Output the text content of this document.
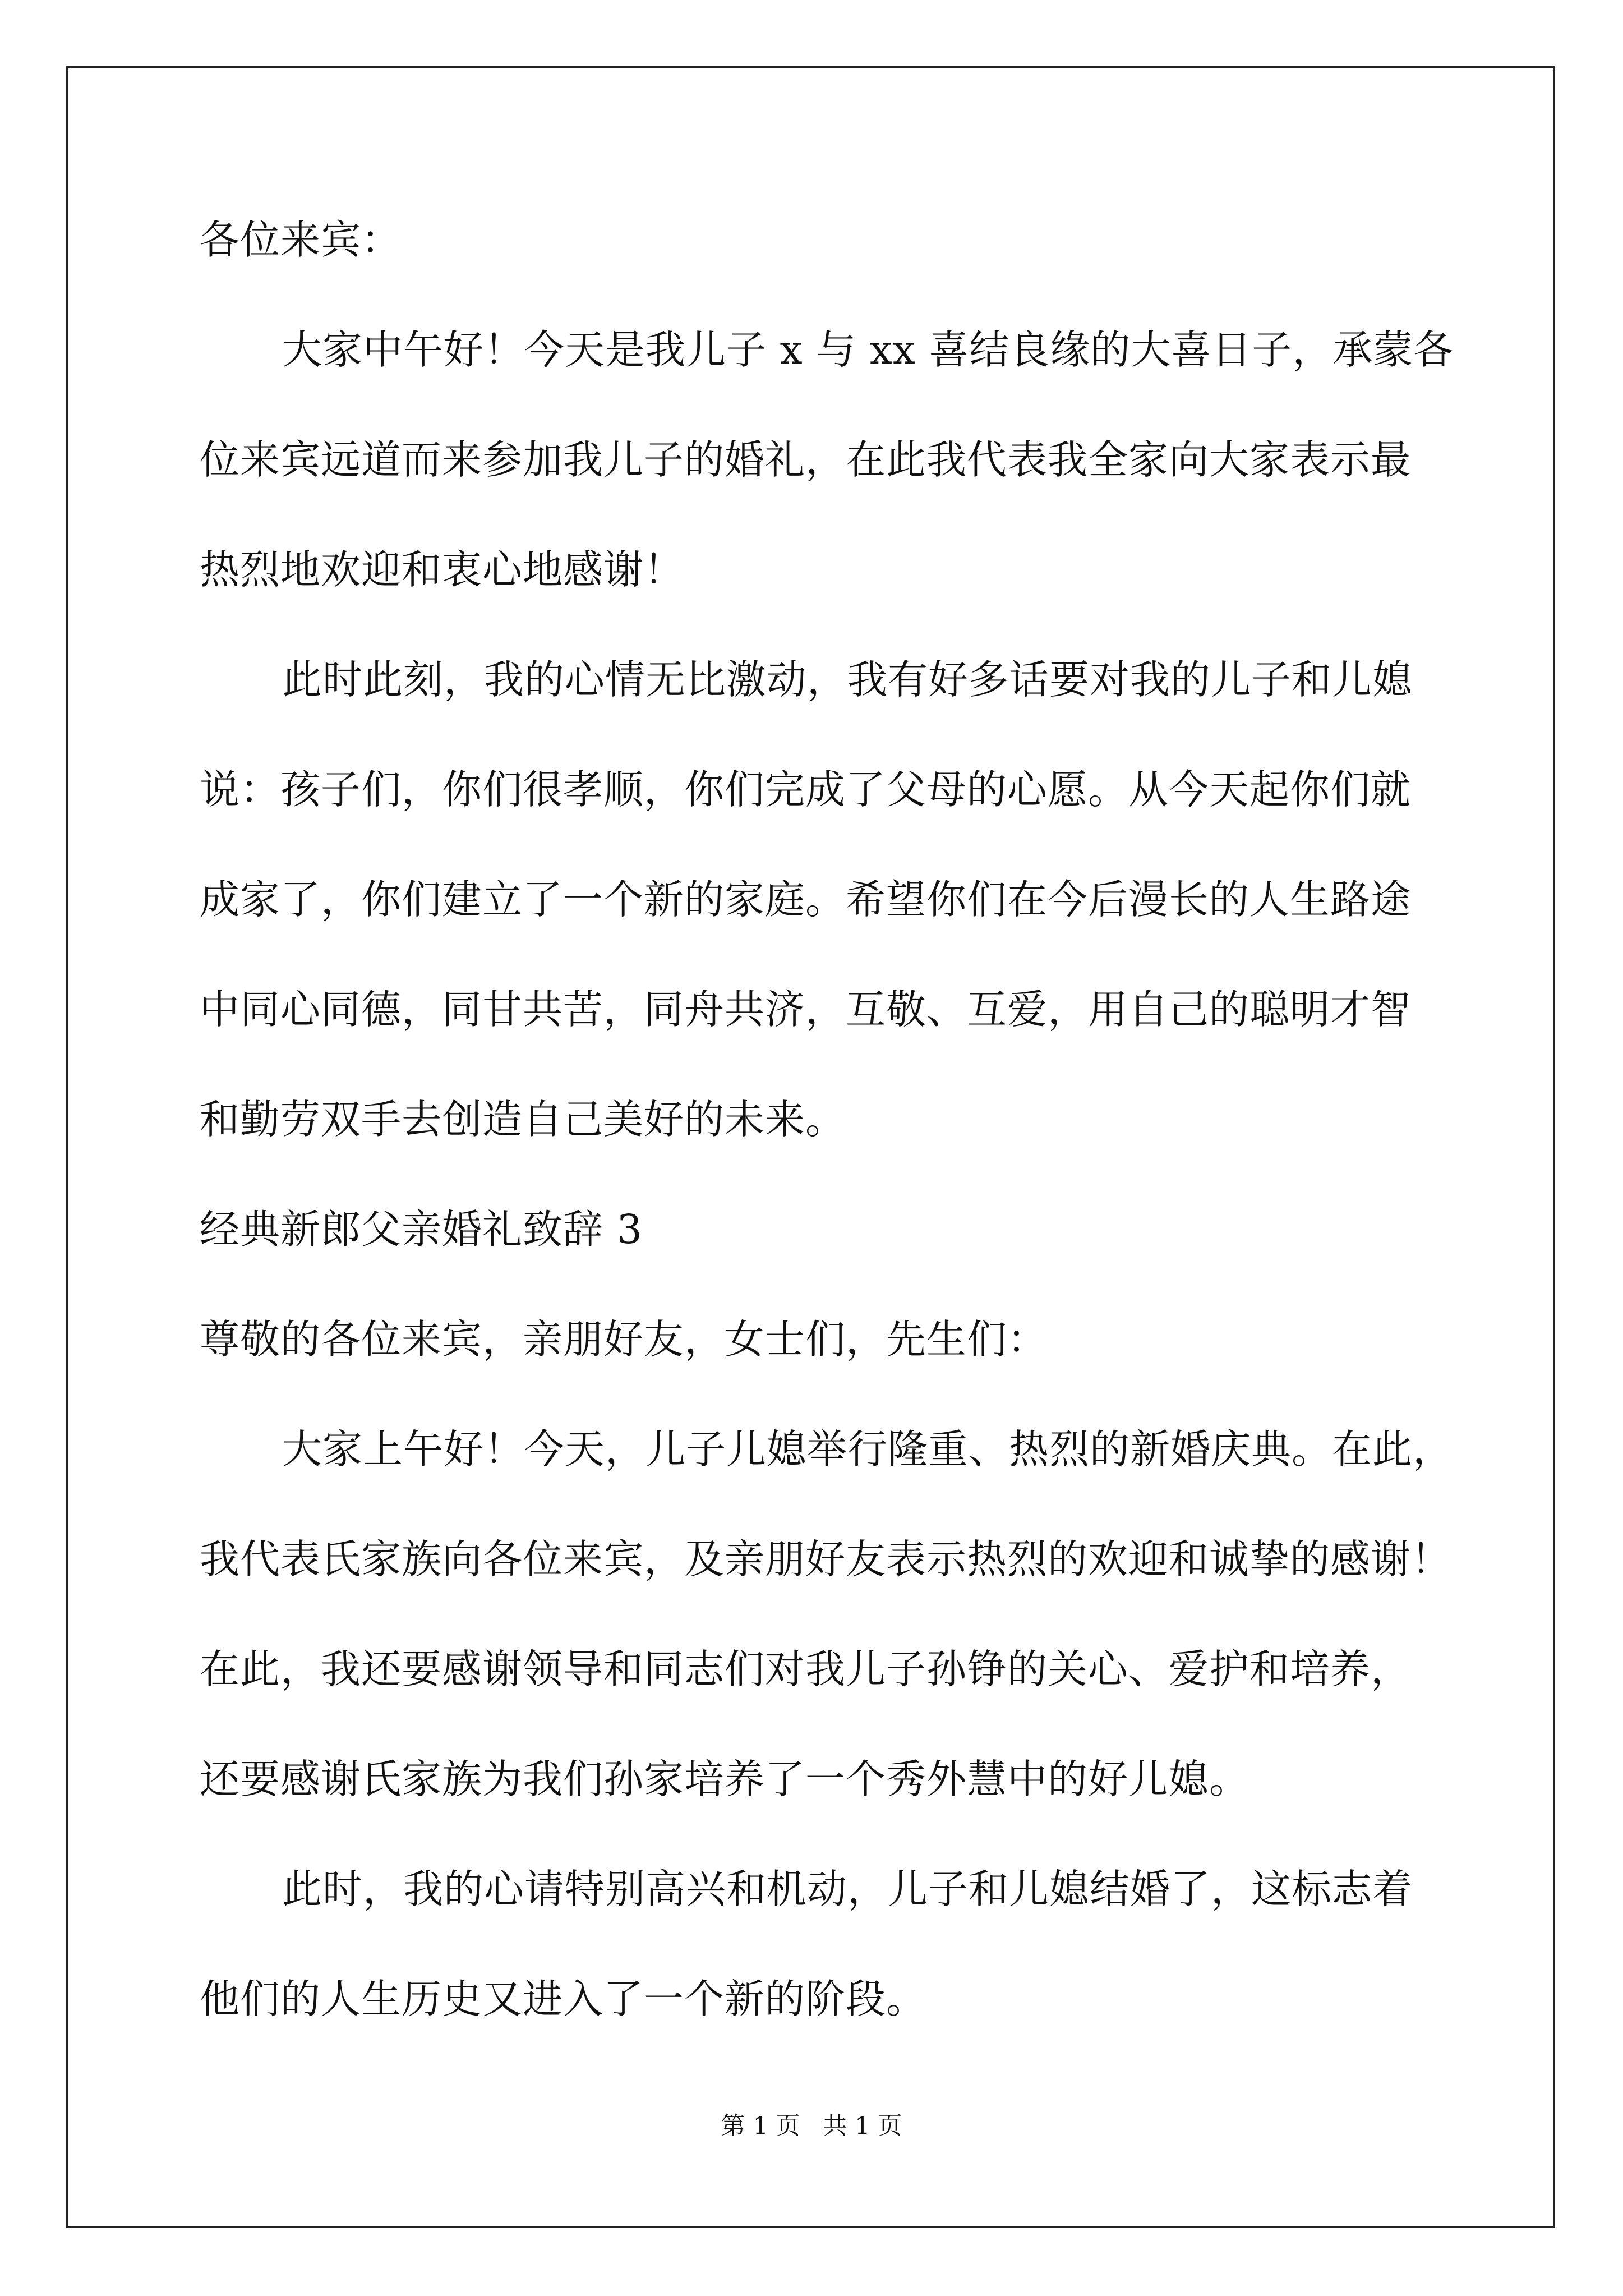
各位来宾：
大家中午好！今天是我儿子 x 与 xx 喜结良缘的大喜日子，承蒙各
位来宾远道而来参加我儿子的婚礼，在此我代表我全家向大家表示最
热烈地欢迎和衷心地感谢！
此时此刻，我的心情无比激动，我有好多话要对我的儿子和儿媳
说：孩子们，你们很孝顺，你们完成了父母的心愿。从今天起你们就
成家了，你们建立了一个新的家庭。希望你们在今后漫长的人生路途
中同心同德，同甘共苦，同舟共济，互敬、互爱，用自己的聪明才智
和勤劳双手去创造自己美好的未来。
经典新郎父亲婚礼致辞 3
尊敬的各位来宾，亲朋好友，女士们，先生们：
大家上午好！今天，儿子儿媳举行隆重、热烈的新婚庆典。在此，
我代表氏家族向各位来宾，及亲朋好友表示热烈的欢迎和诚挚的感谢！
在此，我还要感谢领导和同志们对我儿子孙铮的关心、爱护和培养，
还要感谢氏家族为我们孙家培养了一个秀外慧中的好儿媳。
此时，我的心请特别高兴和机动，儿子和儿媳结婚了，这标志着
他们的人生历史又进入了一个新的阶段。
第 1 页   共 1 页
